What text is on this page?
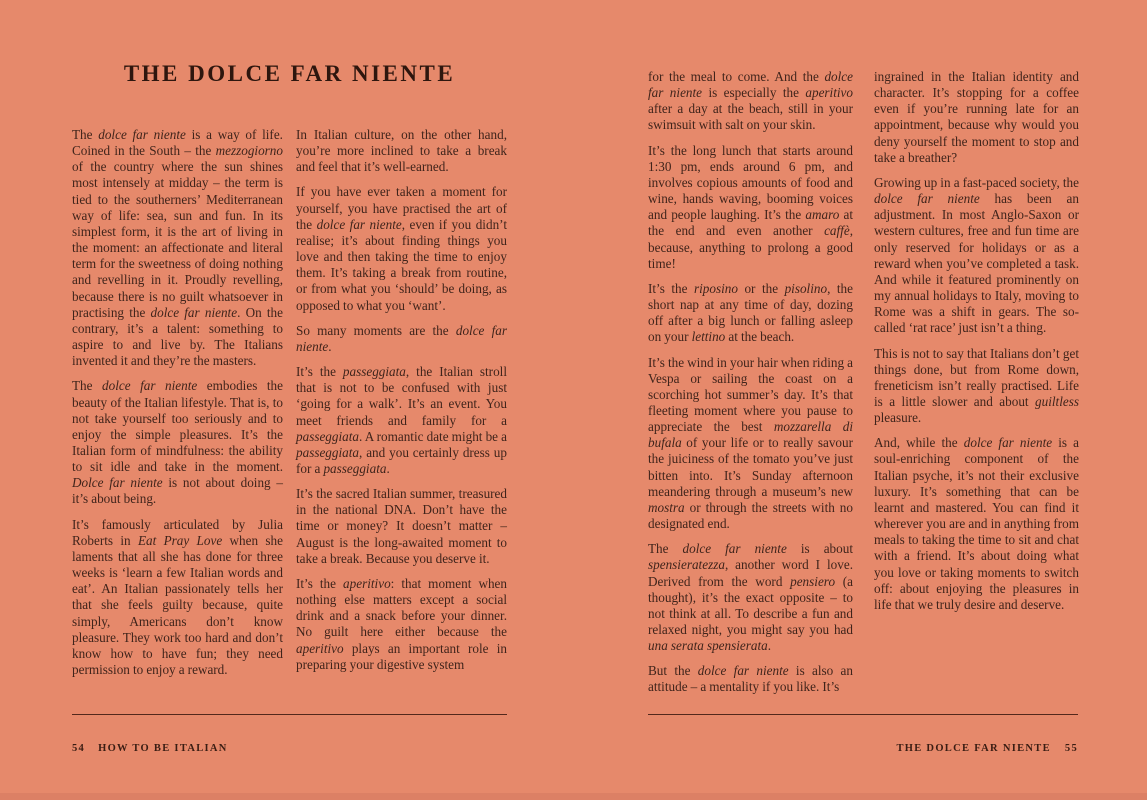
THE DOLCE FAR NIENTE

The dolce far niente is a way of life. Coined in the South – the mezzogiorno of the country where the sun shines most intensely at midday – the term is tied to the southerners’ Mediterranean way of life: sea, sun and fun. In its simplest form, it is the art of living in the moment: an affectionate and literal term for the sweetness of doing nothing and revelling in it. Proudly revelling, because there is no guilt whatsoever in practising the dolce far niente. On the contrary, it’s a talent: something to aspire to and live by. The Italians invented it and they’re the masters.

The dolce far niente embodies the beauty of the Italian lifestyle. That is, to not take yourself too seriously and to enjoy the simple pleasures. It’s the Italian form of mindfulness: the ability to sit idle and take in the moment. Dolce far niente is not about doing – it’s about being.

It’s famously articulated by Julia Roberts in Eat Pray Love when she laments that all she has done for three weeks is ‘learn a few Italian words and eat’. An Italian passionately tells her that she feels guilty because, quite simply, Americans don’t know pleasure. They work too hard and don’t know how to have fun; they need permission to enjoy a reward.

In Italian culture, on the other hand, you’re more inclined to take a break and feel that it’s well-earned.

If you have ever taken a moment for yourself, you have practised the art of the dolce far niente, even if you didn’t realise; it’s about finding things you love and then taking the time to enjoy them. It’s taking a break from routine, or from what you ‘should’ be doing, as opposed to what you ‘want’.

So many moments are the dolce far niente.

It’s the passeggiata, the Italian stroll that is not to be confused with just ‘going for a walk’. It’s an event. You meet friends and family for a passeggiata. A romantic date might be a passeggiata, and you certainly dress up for a passeggiata.

It’s the sacred Italian summer, treasured in the national DNA. Don’t have the time or money? It doesn’t matter – August is the long-awaited moment to take a break. Because you deserve it.

It’s the aperitivo: that moment when nothing else matters except a social drink and a snack before your dinner. No guilt here either because the aperitivo plays an important role in preparing your digestive system

54 HOW TO BE ITALIAN

for the meal to come. And the dolce far niente is especially the aperitivo after a day at the beach, still in your swimsuit with salt on your skin.

It’s the long lunch that starts around 1:30 pm, ends around 6 pm, and involves copious amounts of food and wine, hands waving, booming voices and people laughing. It’s the amaro at the end and even another caffè, because, anything to prolong a good time!

It’s the riposino or the pisolino, the short nap at any time of day, dozing off after a big lunch or falling asleep on your lettino at the beach.

It’s the wind in your hair when riding a Vespa or sailing the coast on a scorching hot summer’s day. It’s that fleeting moment where you pause to appreciate the best mozzarella di bufala of your life or to really savour the juiciness of the tomato you’ve just bitten into. It’s Sunday afternoon meandering through a museum’s new mostra or through the streets with no designated end.

The dolce far niente is about spensieratezza, another word I love. Derived from the word pensiero (a thought), it’s the exact opposite – to not think at all. To describe a fun and relaxed night, you might say you had una serata spensierata.

But the dolce far niente is also an attitude – a mentality if you like. It’s

ingrained in the Italian identity and character. It’s stopping for a coffee even if you’re running late for an appointment, because why would you deny yourself the moment to stop and take a breather?

Growing up in a fast-paced society, the dolce far niente has been an adjustment. In most Anglo-Saxon or western cultures, free and fun time are only reserved for holidays or as a reward when you’ve completed a task. And while it featured prominently on my annual holidays to Italy, moving to Rome was a shift in gears. The so-called ‘rat race’ just isn’t a thing.

This is not to say that Italians don’t get things done, but from Rome down, freneticism isn’t really practised. Life is a little slower and about guiltless pleasure.

And, while the dolce far niente is a soul-enriching component of the Italian psyche, it’s not their exclusive luxury. It’s something that can be learnt and mastered. You can find it wherever you are and in anything from meals to taking the time to sit and chat with a friend. It’s about doing what you love or taking moments to switch off: about enjoying the pleasures in life that we truly desire and deserve.

THE DOLCE FAR NIENTE 55
